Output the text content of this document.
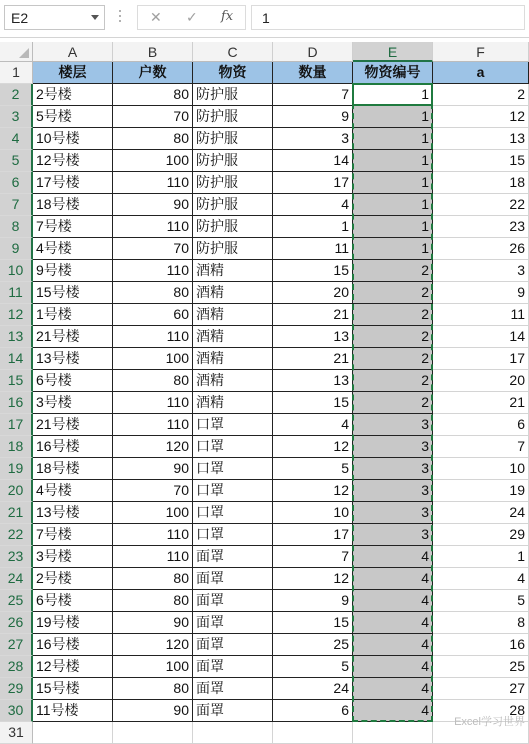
E2	✕ ✓ fx 1
A	B	C	D	E	F
1	楼层	户数	物资	数量	物资编号	a
2	2号楼	80 防护服	7	1	2
3	5号楼	70 防护服	9	1	12
4	10号楼	80 防护服	3	1	13
5	12号楼	100 防护服	14	1	15
6	17号楼	110 防护服	17	1	18
7	18号楼	90 防护服	4	1	22
8	7号楼	110 防护服	1	1	23
9	4号楼	70 防护服	11	1	26
10 9号楼	110 酒精	15	2	3
11 15号楼	80 酒精	20	2	9
12 1号楼	60 酒精	21	2	11
13 21号楼	110 酒精	13	2	14
14 13号楼	100 酒精	21	2	17
15 6号楼	80 酒精	13	2	20
16 3号楼	110 酒精	15	2	21
17 21号楼	110 口罩	4	3	6
18 16号楼	120 口罩	12	3	7
19 18号楼	90 口罩	5	3	10
20 4号楼	70 口罩	12	3	19
21 13号楼	100 口罩	10	3	24
22 7号楼	110 口罩	17	3	29
23 3号楼	110 面罩	7	4	1
24 2号楼	80 面罩	12	4	4
25 6号楼	80 面罩	9	4	5
26 19号楼	90 面罩	15	4	8
27 16号楼	120 面罩	25	4	16
28 12号楼	100 面罩	5	4	25
29 15号楼	80 面罩	24	4	27
30 11号楼	90 面罩	6	4	28
31
Excel学习世界
